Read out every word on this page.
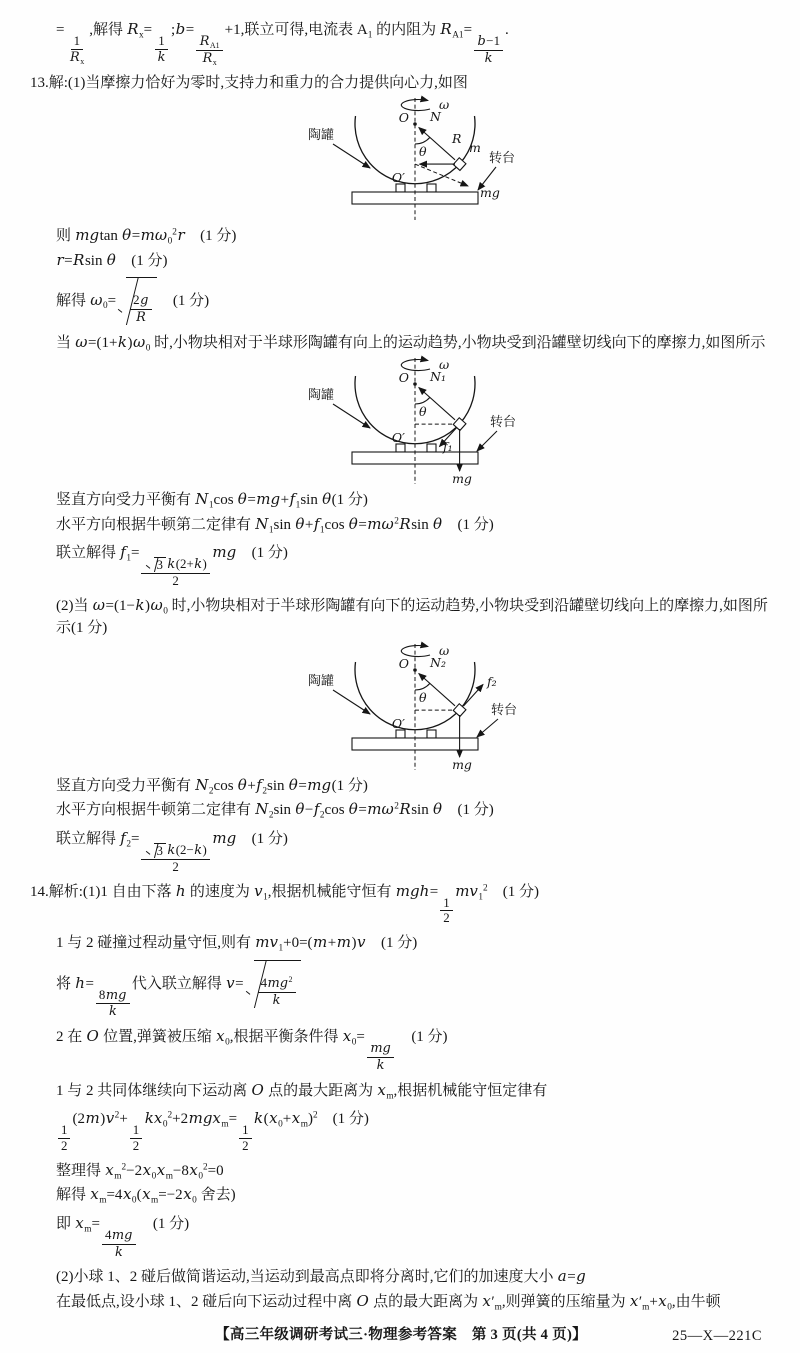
=
$\frac{1}{R_x}$
,解得 $R_x=$
$\frac{1}{k}$
;b=
$\frac{R_{A1}}{R_x}$
+1,联立可得,电流表 $A_1$ 的内阻为 $R_{A1}=$
$\frac{b-1}{k}$
.
13.解:(1)当摩擦力恰好为零时,支持力和重力的合力提供向心力,如图
ω
O
O′
陶罐
转台
N
R
m
θ
mg
则 mgtan $\theta=m\omega_0^2r$　(1 分)
r=Rsin θ　(1 分)
解得 $\omega_0= \frac{2g}{R}$ 　(1 分)
当 $\omega=(1+k)\omega_0$ 时,小物块相对于半球形陶罐有向上的运动趋势,小物块受到沿罐壁切线向下的摩擦力,如图所示
ω
O
O′
陶罐
转台
N₁
θ
f₁
mg
竖直方向受力平衡有 $N_1\cos$ $\theta=mg+f_1\sin$ θ(1 分)
水平方向根据牛顿第二定律有 $N_1\sin$ $\theta+f_1\cos$ $\theta=m\omega^2Rsin$ θ　(1 分)
联立解得 $f_1=$
$\frac{3 k(2+k)}{2}$
mg　(1 分)
(2)当 $\omega=(1-k)\omega_0$ 时,小物块相对于半球形陶罐有向下的运动趋势,小物块受到沿罐壁切线向上的摩擦力,如图所示(1 分)
ω
O
O′
陶罐
转台
N₂
θ
f₂
mg
竖直方向受力平衡有 $N_2\cos$ $\theta+f_2\sin$ θ=mg(1 分)
水平方向根据牛顿第二定律有 $N_2\sin$ $\theta-f_2\cos$ $\theta=m\omega^2Rsin$ θ　(1 分)
联立解得 $f_2=$
$\frac{3 k(2-k)}{2}$
mg　(1 分)
14.解析:(1)1 自由下落 h 的速度为 $v_1$,根据机械能守恒有 mgh=
$\frac{1}{2}$
$mv_1^2$　(1 分)
1 与 2 碰撞过程动量守恒,则有 $mv_1+0=(m+m)v$　(1 分)
将 h=
$\frac{8mg}{k}$
代入联立解得 $v= \frac{4mg^2}{k}$
2 在 O 位置,弹簧被压缩 $x_0$,根据平衡条件得 $x_0=$
$\frac{mg}{k}$
　(1 分)
1 与 2 共同体继续向下运动离 O 点的最大距离为 $x_m$,根据机械能守恒定律有
$\frac{1}{2}$
$(2m)v^2+$
$\frac{1}{2}$
$kx_0^2+2mgx_m=$
$\frac{1}{2}$
$k(x_0+x_m)^2$　(1 分)
整理得 $x_m^2-2x_0x_m-8x_0^2=0$
解得 $x_m=4x_0(x_m=-2x_0$ 舍去)
即 $x_m=$
$\frac{4mg}{k}$
　(1 分)
(2)小球 1、2 碰后做简谐运动,当运动到最高点即将分离时,它们的加速度大小 a=g
在最低点,设小球 1、2 碰后向下运动过程中离 O 点的最大距离为 $x'_m$,则弹簧的压缩量为 $x'_m+x_0$,由牛顿
【高三年级调研考试三·物理参考答案　第 3 页(共 4 页)】	25—X—221C
